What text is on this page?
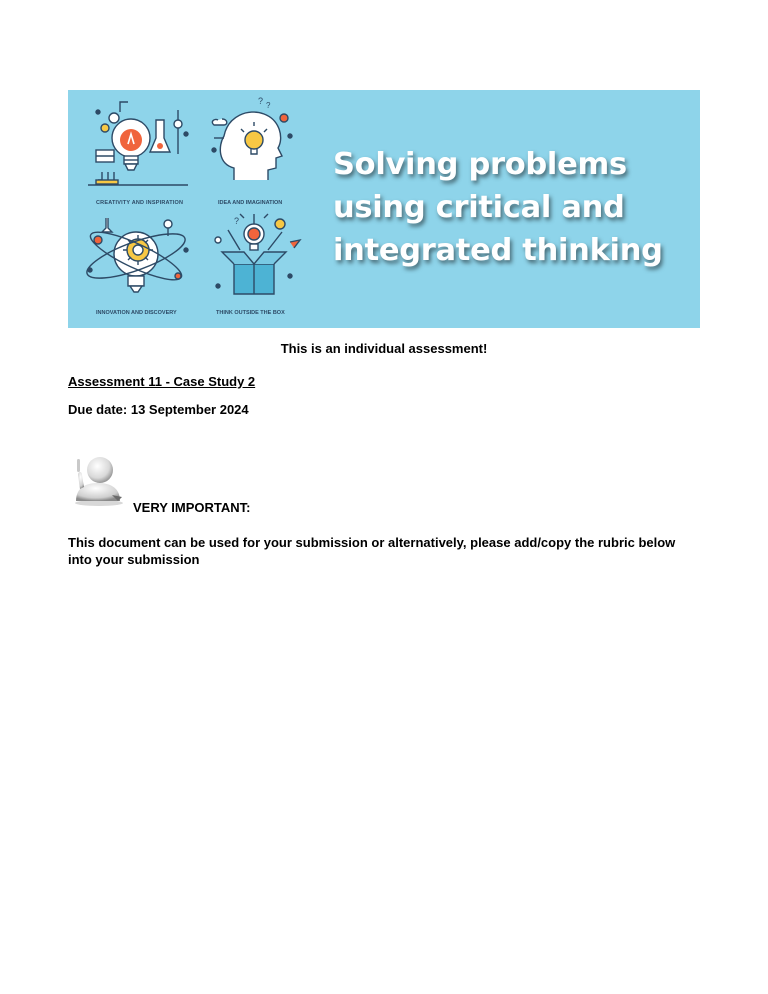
CREATIVITY AND INSPIRATION
? ?
IDEA AND IMAGINATION
INNOVATION AND DISCOVERY
?
THINK OUTSIDE THE BOX
Solving problems
using critical and
integrated thinking
This is an individual assessment!
Assessment 11 - Case Study 2
Due date: 13 September 2024
VERY IMPORTANT:
This document can be used for your submission or alternatively, please add/copy the rubric below into your submission
